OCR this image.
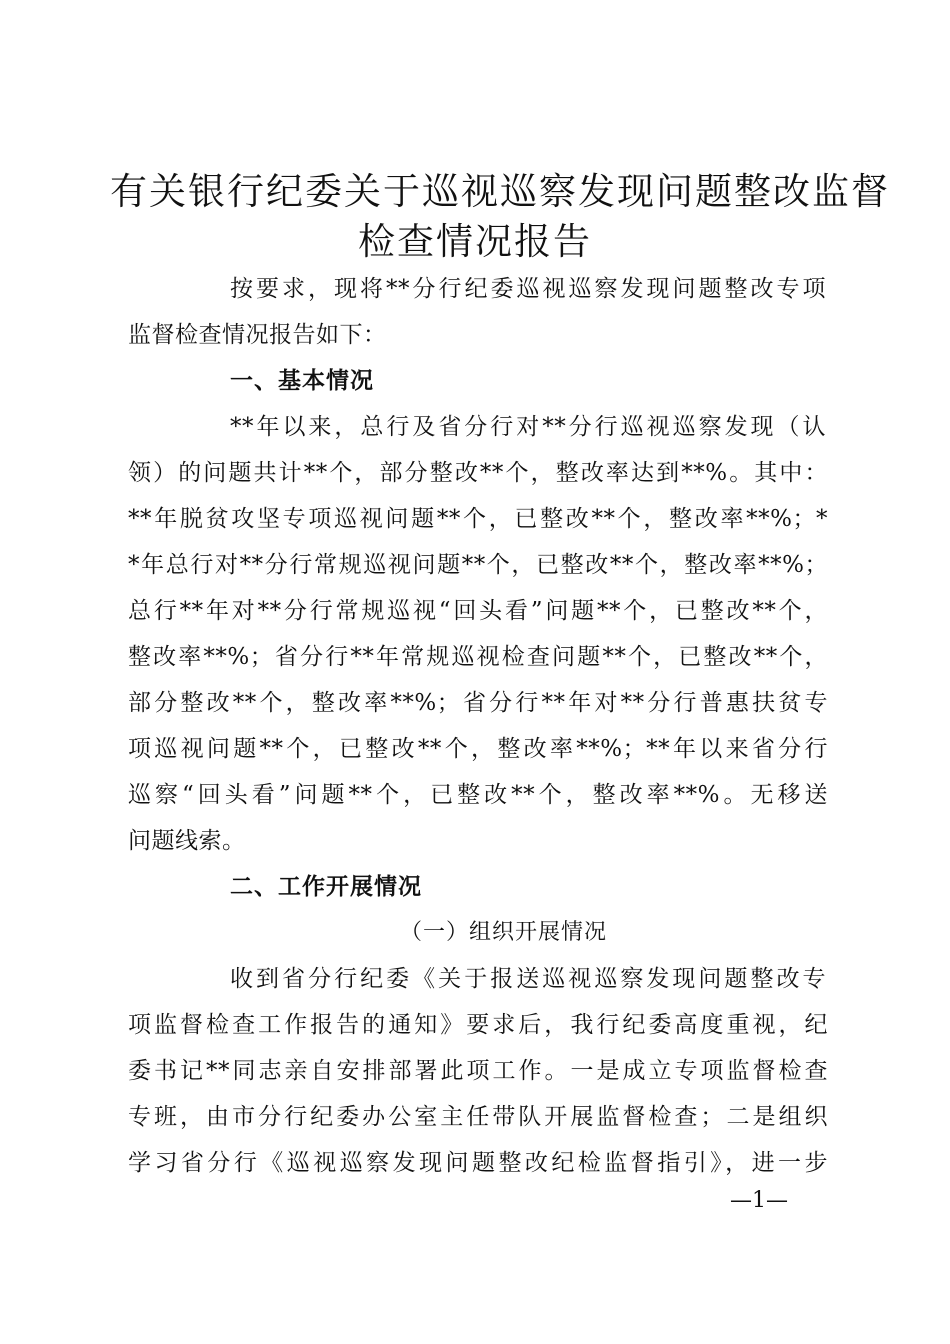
有关银行纪委关于巡视巡察发现问题整改监督
检查情况报告
按要求，现将**分行纪委巡视巡察发现问题整改专项
监督检查情况报告如下：
一、基本情况
**年以来，总行及省分行对**分行巡视巡察发现（认
领）的问题共计**个，部分整改**个，整改率达到**%。其中：
**年脱贫攻坚专项巡视问题**个，已整改**个，整改率**%；*
*年总行对**分行常规巡视问题**个，已整改**个，整改率**%；
总行**年对**分行常规巡视“回头看”问题**个，已整改**个，
整改率**%；省分行**年常规巡视检查问题**个，已整改**个，
部分整改**个，整改率**%；省分行**年对**分行普惠扶贫专
项巡视问题**个，已整改**个，整改率**%；**年以来省分行
巡察“回头看”问题**个，已整改**个，整改率**%。无移送
问题线索。
二、工作开展情况
（一）组织开展情况
收到省分行纪委《关于报送巡视巡察发现问题整改专
项监督检查工作报告的通知》要求后，我行纪委高度重视，纪
委书记**同志亲自安排部署此项工作。一是成立专项监督检查
专班，由市分行纪委办公室主任带队开展监督检查；二是组织
学习省分行《巡视巡察发现问题整改纪检监督指引》，进一步
—1—
